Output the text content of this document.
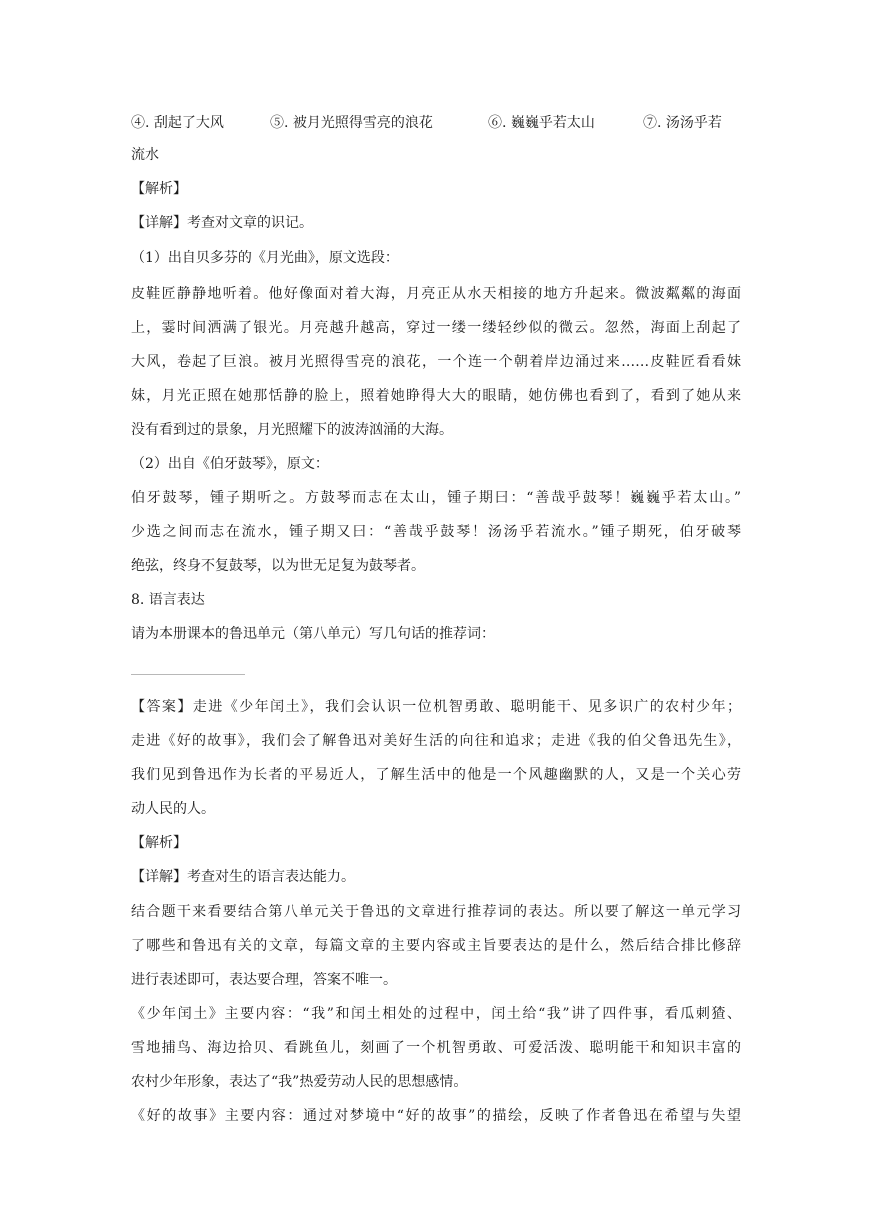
④. 刮起了大风	⑤. 被月光照得雪亮的浪花	⑥. 巍巍乎若太山	⑦. 汤汤乎若
流水
【解析】
【详解】考查对文章的识记。
（1）出自贝多芬的《月光曲》，原文选段：
皮鞋匠静静地听着。他好像面对着大海，月亮正从水天相接的地方升起来。微波粼粼的海面
上，霎时间洒满了银光。月亮越升越高，穿过一缕一缕轻纱似的微云。忽然，海面上刮起了
大风，卷起了巨浪。被月光照得雪亮的浪花，一个连一个朝着岸边涌过来……皮鞋匠看看妹
妹，月光正照在她那恬静的脸上，照着她睁得大大的眼睛，她仿佛也看到了，看到了她从来
没有看到过的景象，月光照耀下的波涛汹涌的大海。
（2）出自《伯牙鼓琴》，原文：
伯牙鼓琴，锺子期听之。方鼓琴而志在太山，锺子期曰：“善哉乎鼓琴！巍巍乎若太山。”
少选之间而志在流水，锺子期又曰：“善哉乎鼓琴！汤汤乎若流水。”锺子期死，伯牙破琴
绝弦，终身不复鼓琴，以为世无足复为鼓琴者。
8. 语言表达
请为本册课本的鲁迅单元（第八单元）写几句话的推荐词：
【答案】走进《少年闰土》，我们会认识一位机智勇敢、聪明能干、见多识广的农村少年；
走进《好的故事》，我们会了解鲁迅对美好生活的向往和追求；走进《我的伯父鲁迅先生》，
我们见到鲁迅作为长者的平易近人，了解生活中的他是一个风趣幽默的人，又是一个关心劳
动人民的人。
【解析】
【详解】考查对生的语言表达能力。
结合题干来看要结合第八单元关于鲁迅的文章进行推荐词的表达。所以要了解这一单元学习
了哪些和鲁迅有关的文章，每篇文章的主要内容或主旨要表达的是什么，然后结合排比修辞
进行表述即可，表达要合理，答案不唯一。
《少年闰土》主要内容：“我”和闰土相处的过程中，闰土给“我”讲了四件事，看瓜刺猹、
雪地捕鸟、海边拾贝、看跳鱼儿，刻画了一个机智勇敢、可爱活泼、聪明能干和知识丰富的
农村少年形象，表达了“我”热爱劳动人民的思想感情。
《好的故事》主要内容：通过对梦境中“好的故事”的描绘，反映了作者鲁迅在希望与失望
